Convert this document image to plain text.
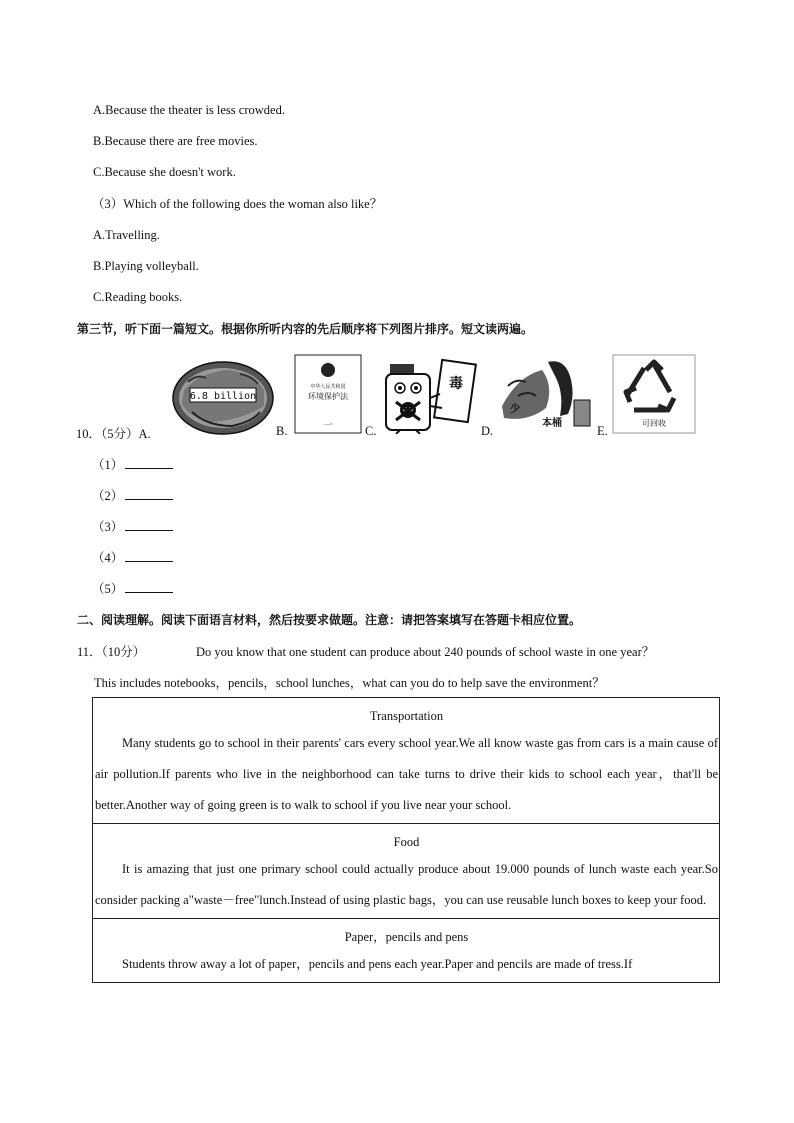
A.Because the theater is less crowded.
B.Because there are free movies.
C.Because she doesn't work.
（3）Which of the following does the woman also like？
A.Travelling.
B.Playing volleyball.
C.Reading books.
第三节，听下面一篇短文。根据你所听内容的先后顺序将下列图片排序。短文读两遍。
10．（5分）A.
6.8 billion
B.
中华人民共和国
环境保护法
一	C.
毒
D.
少
本桶
E.
可回收
（1）
（2）
（3）
（4）
（5）
二、阅读理解。阅读下面语言材料，然后按要求做题。注意：请把答案填写在答题卡相应位置。
11．（10分）	Do you know that one student can produce about 240 pounds of school waste in one year？
This includes notebooks，pencils，school lunches，what can you do to help save the environment？
Transportation
Many students go to school in their parents' cars every school year.We all know waste gas from cars is a main cause of air pollution.If parents who live in the neighborhood can take turns to drive their kids to school each year，that'll be better.Another way of going green is to walk to school if you live near your school.

Food
It is amazing that just one primary school could actually produce about 19.000 pounds of lunch waste each year.So consider packing a"waste－free"lunch.Instead of using plastic bags，you can use reusable lunch boxes to keep your food.

Paper，pencils and pens
Students throw away a lot of paper，pencils and pens each year.Paper and pencils are made of tress.If
